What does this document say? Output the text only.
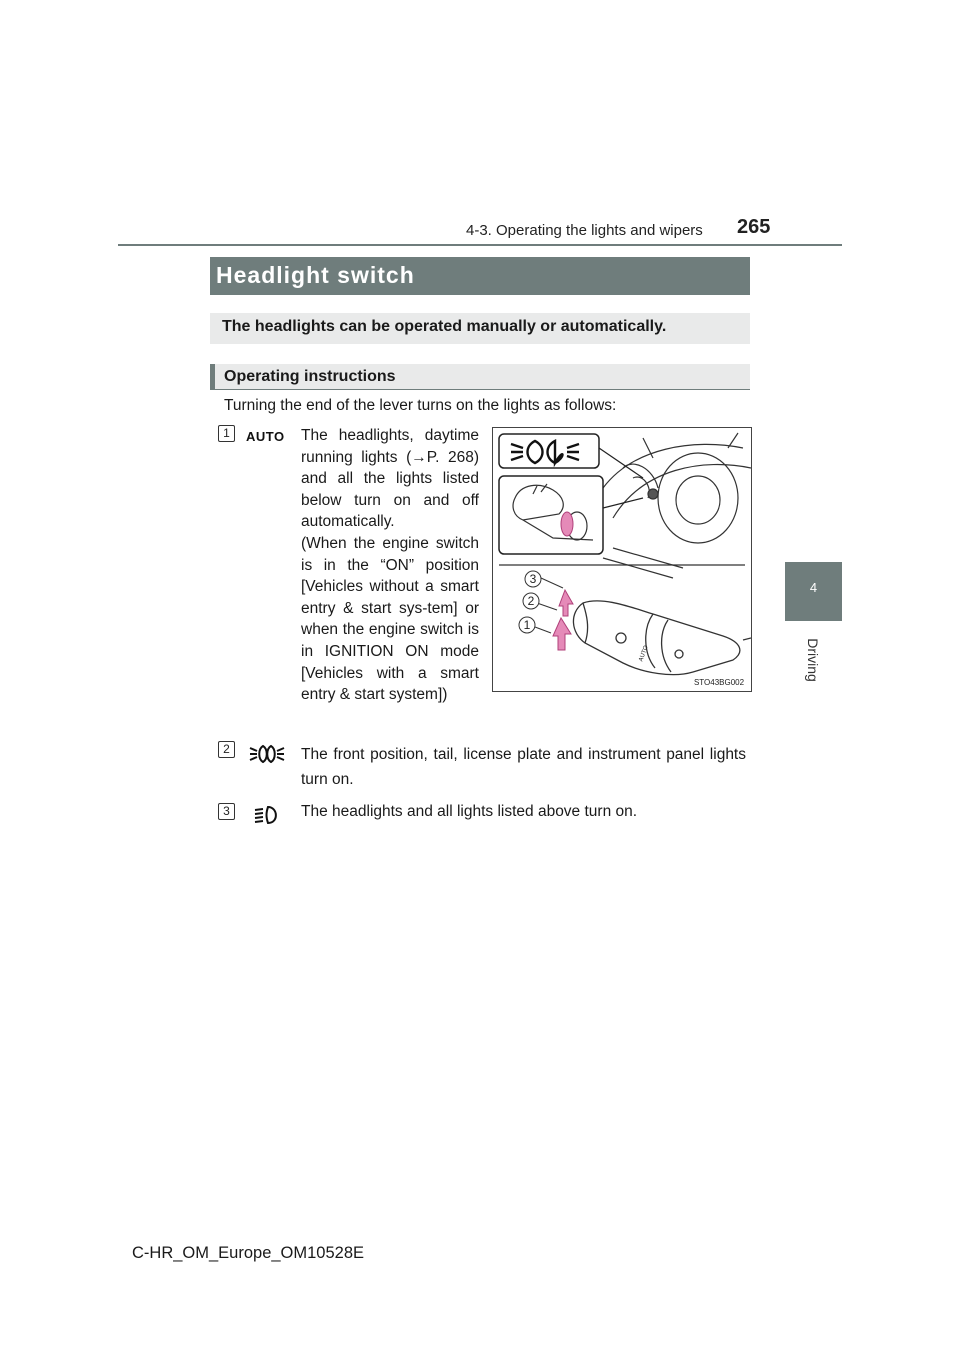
4-3. Operating the lights and wipers 265
4
Driving
Headlight switch
The headlights can be operated manually or automatically.
Operating instructions
Turning the end of the lever turns on the lights as follows:
1	AUTO The headlights, daytime running lights (→P. 268) and all the lights listed below turn on and off automatically.

(When the engine switch is in the “ON” position [Vehicles without a smart entry & start sys-tem] or when the engine switch is in IGNITION ON mode [Vehicles with a smart entry & start system])

3
2
1
AUTO
STO43BG002
2	The front position, tail, license plate and instrument panel lights turn on.
3	The headlights and all lights listed above turn on.
C-HR_OM_Europe_OM10528E
